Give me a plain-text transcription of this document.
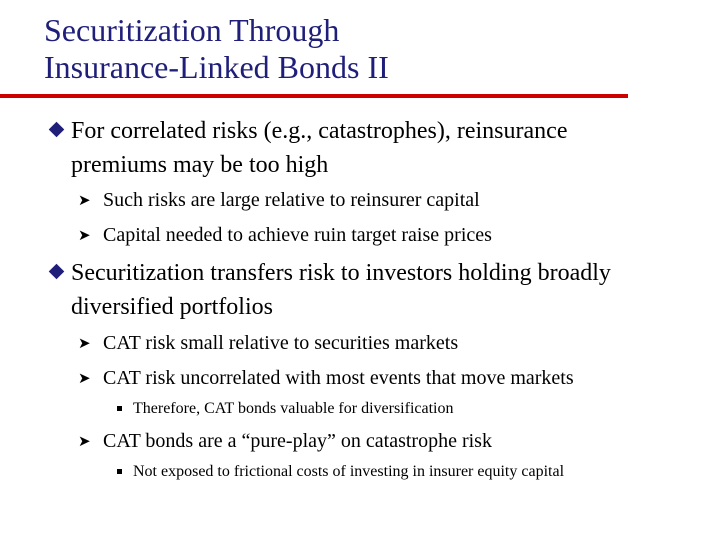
Securitization Through
Insurance-Linked Bonds II
For correlated risks (e.g., catastrophes), reinsurance
premiums may be too high
➤ Such risks are large relative to reinsurer capital
➤ Capital needed to achieve ruin target raise prices
Securitization transfers risk to investors holding broadly
diversified portfolios
➤ CAT risk small relative to securities markets
➤ CAT risk uncorrelated with most events that move markets
Therefore, CAT bonds valuable for diversification
➤ CAT bonds are a “pure-play” on catastrophe risk
Not exposed to frictional costs of investing in insurer equity capital
